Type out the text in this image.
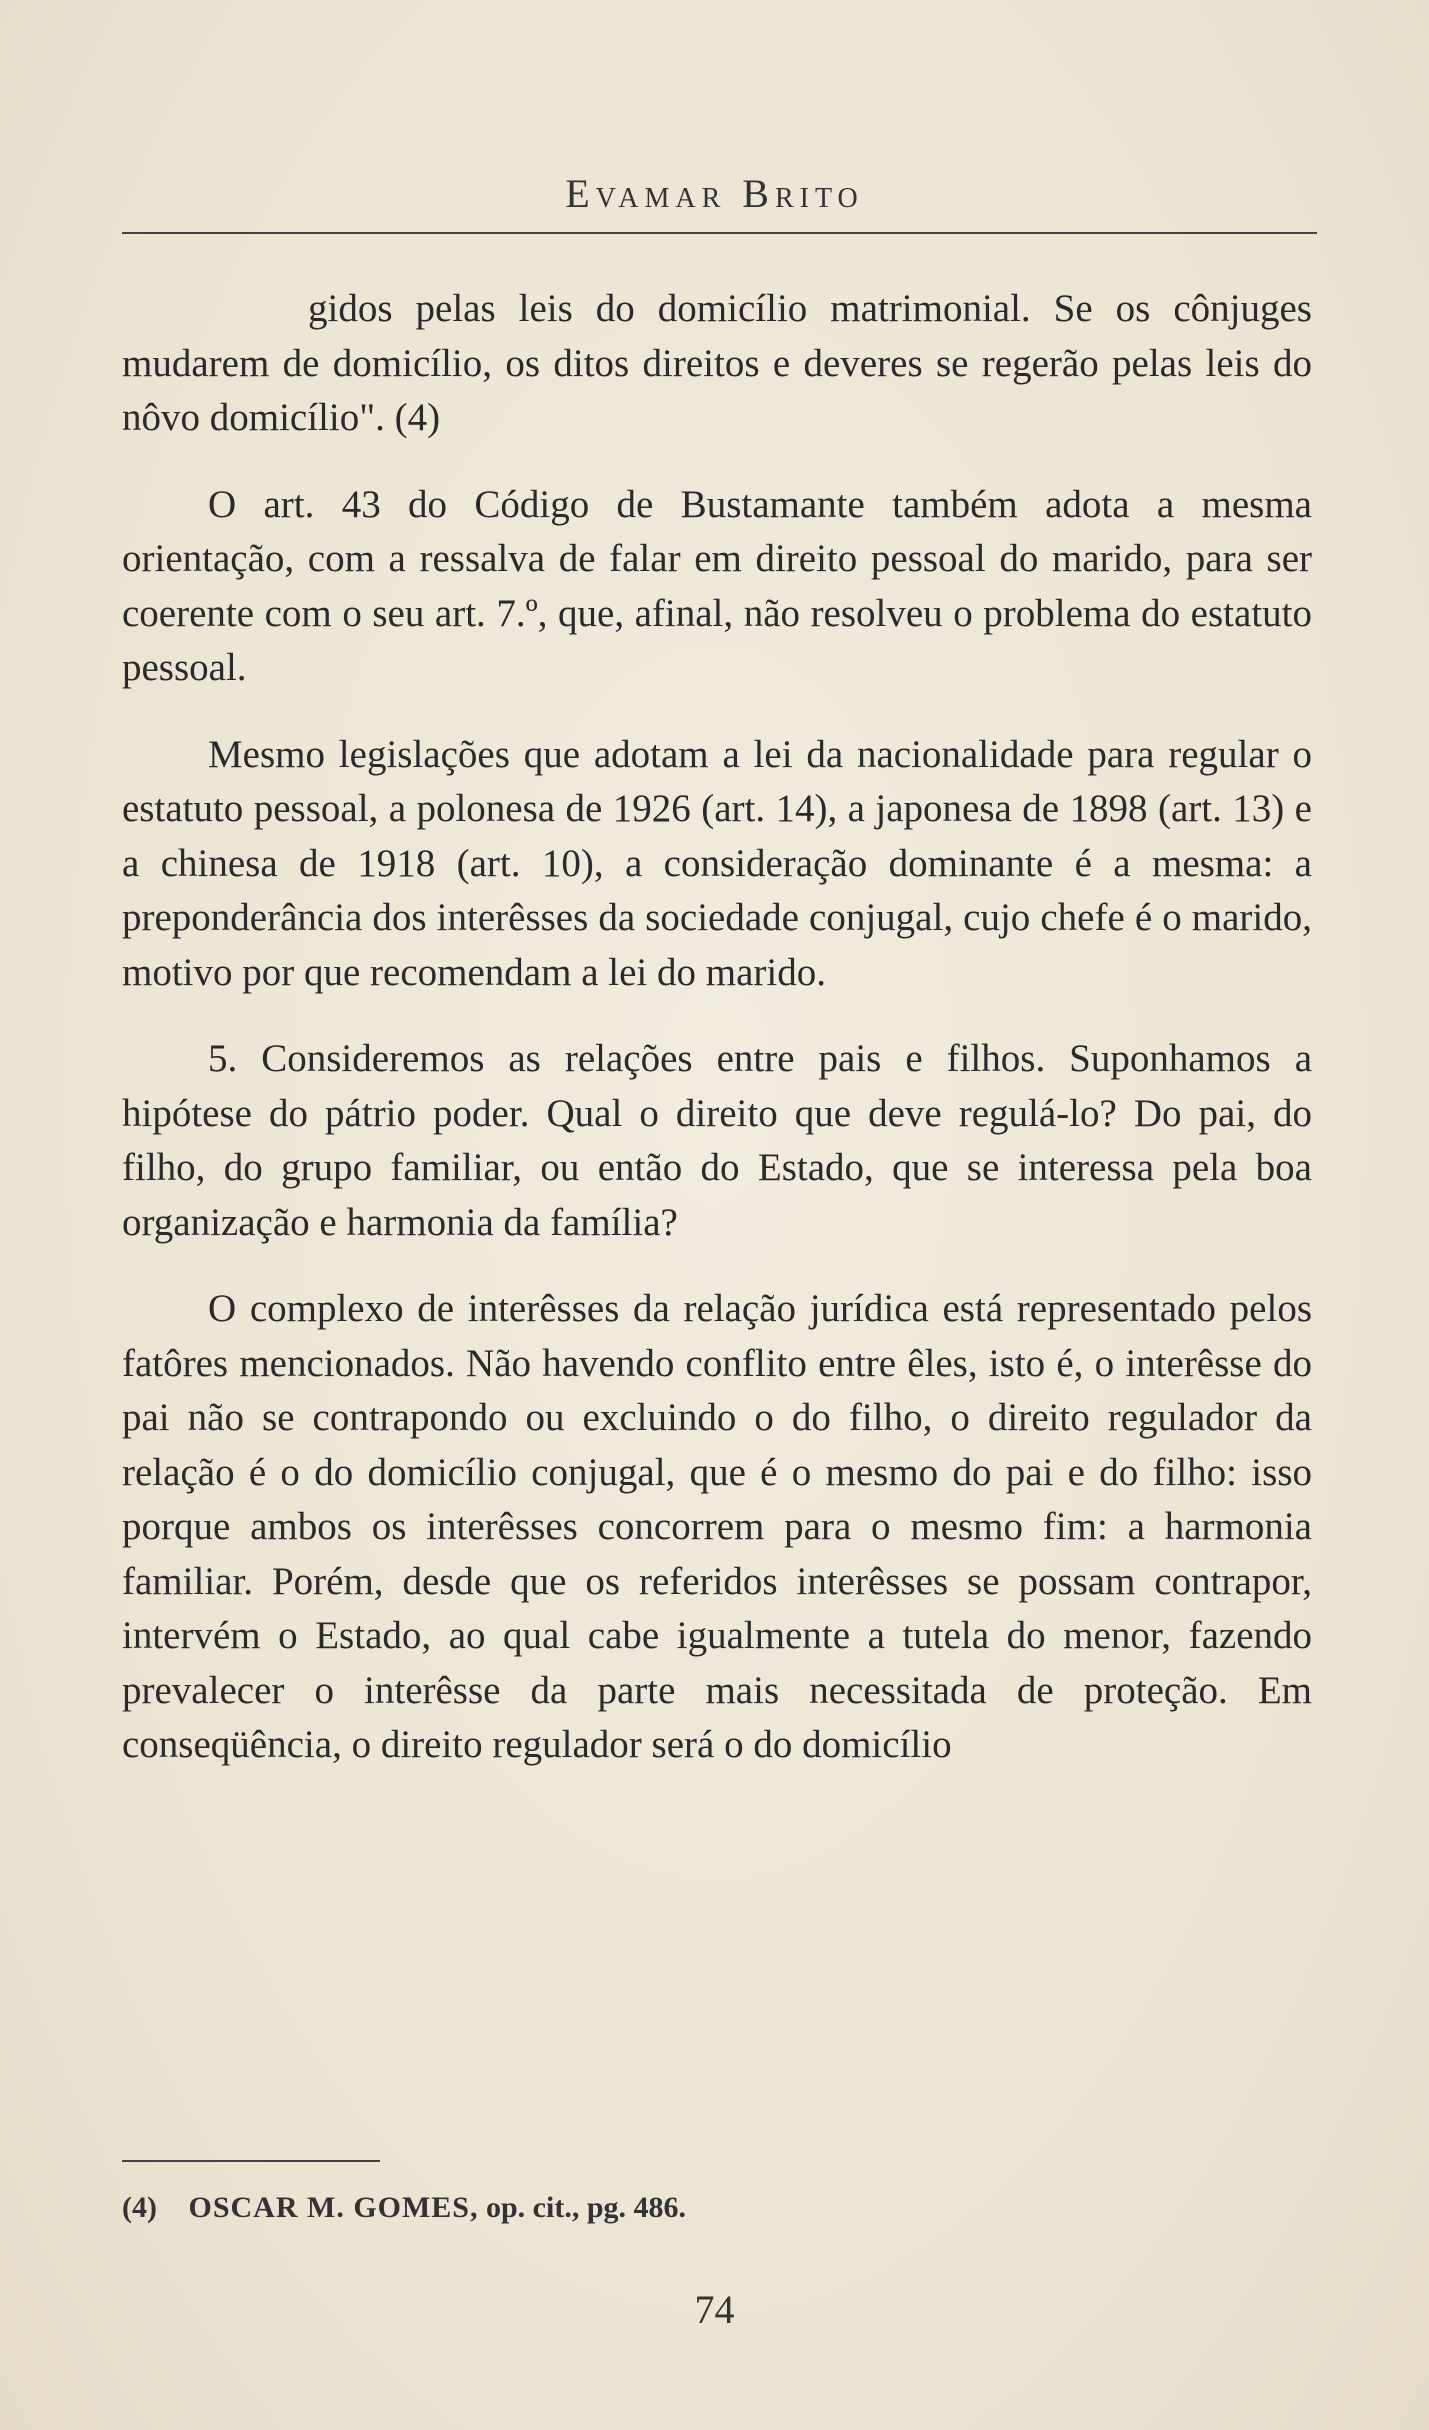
Evamar Brito

gidos pelas leis do domicílio matrimonial. Se os cônjuges mudarem de domicílio, os ditos direitos e deveres se regerão pelas leis do nôvo domicílio". (4)

O art. 43 do Código de Bustamante também adota a mesma orientação, com a ressalva de falar em direito pessoal do marido, para ser coerente com o seu art. 7.º, que, afinal, não resolveu o problema do estatuto pessoal.

Mesmo legislações que adotam a lei da nacionalidade para regular o estatuto pessoal, a polonesa de 1926 (art. 14), a japonesa de 1898 (art. 13) e a chinesa de 1918 (art. 10), a consideração dominante é a mesma: a preponderância dos interêsses da sociedade conjugal, cujo chefe é o marido, motivo por que recomendam a lei do marido.

5. Consideremos as relações entre pais e filhos. Suponhamos a hipótese do pátrio poder. Qual o direito que deve regulá-lo? Do pai, do filho, do grupo familiar, ou então do Estado, que se interessa pela boa organização e harmonia da família?

O complexo de interêsses da relação jurídica está representado pelos fatôres mencionados. Não havendo conflito entre êles, isto é, o interêsse do pai não se contrapondo ou excluindo o do filho, o direito regulador da relação é o do domicílio conjugal, que é o mesmo do pai e do filho: isso porque ambos os interêsses concorrem para o mesmo fim: a harmonia familiar. Porém, desde que os referidos interêsses se possam contrapor, intervém o Estado, ao qual cabe igualmente a tutela do menor, fazendo prevalecer o interêsse da parte mais necessitada de proteção. Em conseqüência, o direito regulador será o do domicílio

(4) OSCAR M. GOMES, op. cit., pg. 486.
74
